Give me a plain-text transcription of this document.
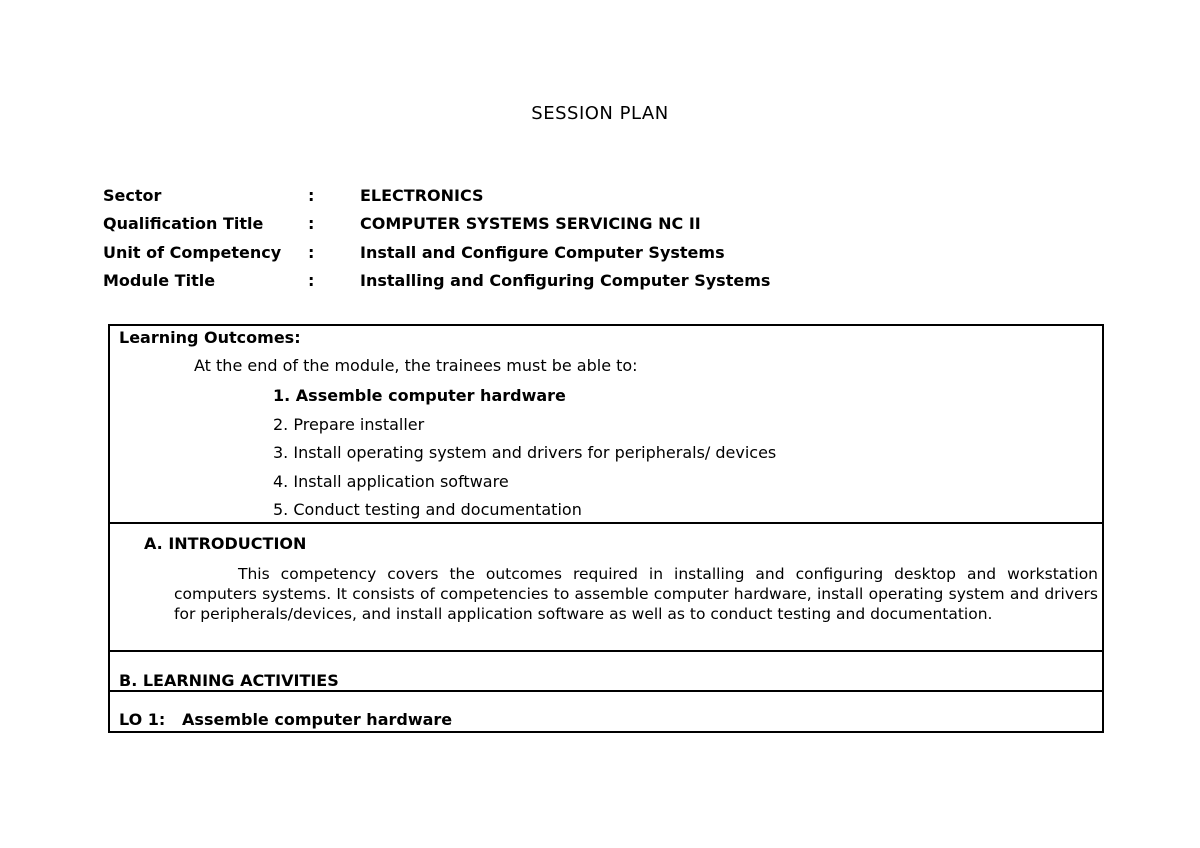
SESSION PLAN
Sector	:	ELECTRONICS
Qualification Title	:	COMPUTER SYSTEMS SERVICING NC II
Unit of Competency	:	Install and Configure Computer Systems
Module Title	:	Installing and Configuring Computer Systems
Learning Outcomes:
At the end of the module, the trainees must be able to:
1. Assemble computer hardware
2. Prepare installer
3. Install operating system and drivers for peripherals/ devices
4. Install application software
5. Conduct testing and documentation
A. INTRODUCTION

This competency covers the outcomes required in installing and configuring desktop and workstation computers systems. It consists of competencies to assemble computer hardware, install operating system and drivers for peripherals/devices, and install application software as well as to conduct testing and documentation.

B. LEARNING ACTIVITIES
LO 1:   Assemble computer hardware
